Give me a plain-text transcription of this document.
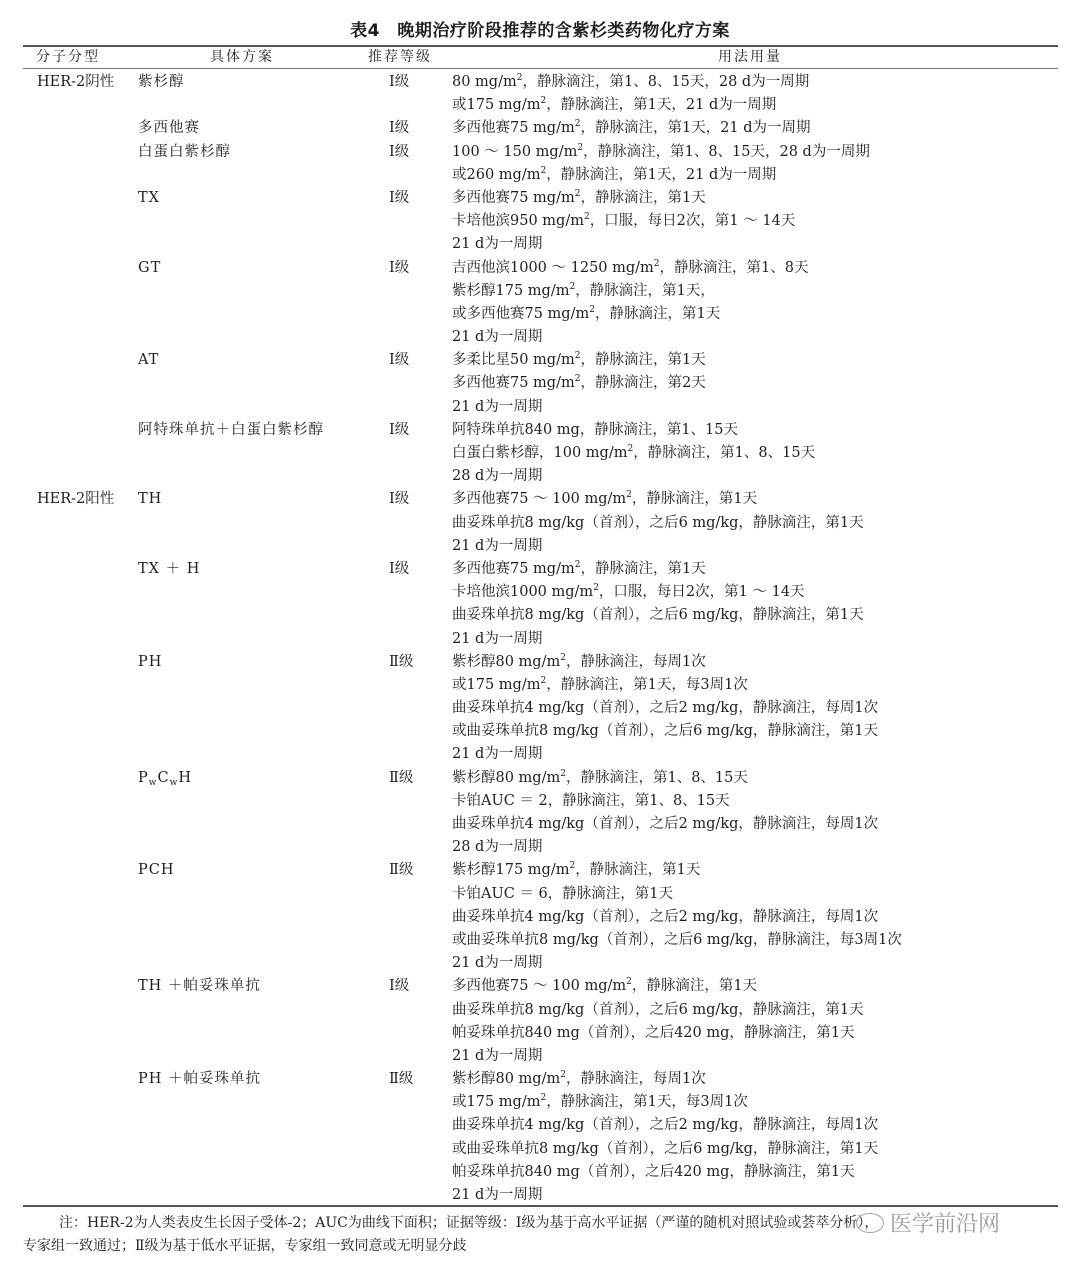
表4　晚期治疗阶段推荐的含紫杉类药物化疗方案
分子分型	具体方案	推荐等级	用法用量
HER-2阴性 紫杉醇	Ⅰ级	80 $mg/m^2$，静脉滴注，第1、8、15天，28 d为一周期
或175 $mg/m^2$，静脉滴注，第1天，21 d为一周期
多西他赛	Ⅰ级	多西他赛75 $mg/m^2$，静脉滴注，第1天，21 d为一周期
白蛋白紫杉醇	Ⅰ级	100 ～ 150 $mg/m^2$，静脉滴注，第1、8、15天，28 d为一周期
或260 $mg/m^2$，静脉滴注，第1天，21 d为一周期
TX	Ⅰ级	多西他赛75 $mg/m^2$，静脉滴注，第1天
卡培他滨950 $mg/m^2$，口服，每日2次，第1 ～ 14天
21 d为一周期
GT	Ⅰ级	吉西他滨1000 ～ 1250 $mg/m^2$，静脉滴注，第1、8天
紫杉醇175 $mg/m^2$，静脉滴注，第1天，
或多西他赛75 $mg/m^2$，静脉滴注，第1天
21 d为一周期
AT	Ⅰ级	多柔比星50 $mg/m^2$，静脉滴注，第1天
多西他赛75 $mg/m^2$，静脉滴注，第2天
21 d为一周期
阿特珠单抗＋白蛋白紫杉醇	Ⅰ级	阿特珠单抗840 mg，静脉滴注，第1、15天
白蛋白紫杉醇，100 $mg/m^2$，静脉滴注，第1、8、15天
28 d为一周期
HER-2阳性 TH	Ⅰ级	多西他赛75 ～ 100 $mg/m^2$，静脉滴注，第1天
曲妥珠单抗8 mg/kg（首剂），之后6 mg/kg，静脉滴注，第1天
21 d为一周期
TX ＋ H	Ⅰ级	多西他赛75 $mg/m^2$，静脉滴注，第1天
卡培他滨1000 $mg/m^2$，口服，每日2次，第1 ～ 14天
曲妥珠单抗8 mg/kg（首剂），之后6 mg/kg，静脉滴注，第1天
21 d为一周期
PH	Ⅱ级	紫杉醇80 $mg/m^2$，静脉滴注，每周1次
或175 $mg/m^2$，静脉滴注，第1天，每3周1次
曲妥珠单抗4 mg/kg（首剂），之后2 mg/kg，静脉滴注，每周1次
或曲妥珠单抗8 mg/kg（首剂），之后6 mg/kg，静脉滴注，第1天
21 d为一周期
$P_wC_wH$	Ⅱ级	紫杉醇80 $mg/m^2$，静脉滴注，第1、8、15天
卡铂AUC ＝ 2，静脉滴注，第1、8、15天
曲妥珠单抗4 mg/kg（首剂），之后2 mg/kg，静脉滴注，每周1次
28 d为一周期
PCH	Ⅱ级	紫杉醇175 $mg/m^2$，静脉滴注，第1天
卡铂AUC ＝ 6，静脉滴注，第1天
曲妥珠单抗4 mg/kg（首剂），之后2 mg/kg，静脉滴注，每周1次
或曲妥珠单抗8 mg/kg（首剂），之后6 mg/kg，静脉滴注，每3周1次
21 d为一周期
TH ＋帕妥珠单抗	Ⅰ级	多西他赛75 ～ 100 $mg/m^2$，静脉滴注，第1天
曲妥珠单抗8 mg/kg（首剂），之后6 mg/kg，静脉滴注，第1天
帕妥珠单抗840 mg（首剂），之后420 mg，静脉滴注，第1天
21 d为一周期
PH ＋帕妥珠单抗	Ⅱ级	紫杉醇80 $mg/m^2$，静脉滴注，每周1次
或175 $mg/m^2$，静脉滴注，第1天，每3周1次
曲妥珠单抗4 mg/kg（首剂），之后2 mg/kg，静脉滴注，每周1次
或曲妥珠单抗8 mg/kg（首剂），之后6 mg/kg，静脉滴注，第1天
帕妥珠单抗840 mg（首剂），之后420 mg，静脉滴注，第1天
21 d为一周期
注：HER-2为人类表皮生长因子受体-2；AUC为曲线下面积；证据等级：Ⅰ级为基于高水平证据（严谨的随机对照试验或荟萃分析），
专家组一致通过；Ⅱ级为基于低水平证据，专家组一致同意或无明显分歧
医学前沿网
